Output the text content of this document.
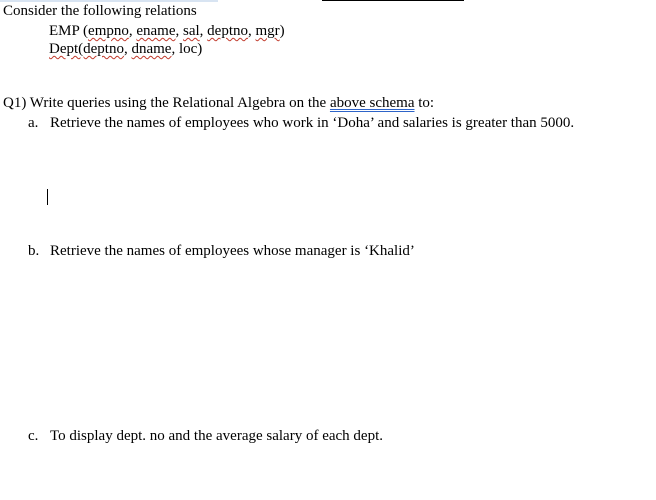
Consider the following relations
EMP (empno, ename, sal, deptno, mgr)
Dept(deptno, dname, loc)
Q1) Write queries using the Relational Algebra on the above schema to:
a. Retrieve the names of employees who work in ‘Doha’ and salaries is greater than 5000.
b. Retrieve the names of employees whose manager is ‘Khalid’
c. To display dept. no and the average salary of each dept.
